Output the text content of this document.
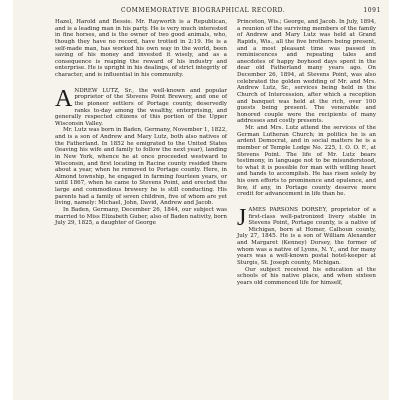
COMMEMORATIVE BIOGRAPHICAL RECORD.	1091

Hazel, Harold and Bessie. Mr. Rayworth is a Republican, and is a leading man in his party. He is very much interested in fine horses, and is the owner of two good animals, who, though they have no record, have trotted in 2:19. He is a self-made man, has worked his own way in the world, been saving of his money and invested it wisely, and as a consequence is reaping the reward of his industry and enterprise. He is upright in his dealings, of strict integrity of character, and is influential in his community.

A NDREW LUTZ, Sr., the well-known and popular proprietor of the Stevens Point Brewery, and one of the pioneer settlers of Portage county, deservedly ranks to-day among the wealthy, enterprising, and generally respected citizens of this portion of the Upper Wisconsin Valley.

Mr. Lutz was born in Baden, Germany, November 1, 1822, and is a son of Andrew and Mary Lutz, both also natives of the Fatherland. In 1852 he emigrated to the United States (leaving his wife and family to follow the next year), landing in New York, whence he at once proceeded westward to Wisconsin, and first locating in Racine county resided there about a year, when he removed to Portage county. Here, in Almond township, he engaged in farming fourteen years, or until 1867, when he came to Stevens Point, and erected the large and commodious brewery he is still conducting. His parents had a family of seven children, five of whom are yet living, namely: Michael, John, David, Andrew and Jacob.

In Baden, Germany, December 26, 1844, our subject was married to Miss Elizabeth Guber, also of Baden nativity, born July 29, 1825, a daughter of George

Princeton, Wis.; George, and Jacob. In July, 1894, a reunion of the surviving members of the family of Andrew and Mary Lutz was held at Grand Rapids, Wis., all the five brothers being present, and a most pleasant time was passed in reminiscences and repeating tales and anecdotes of happy boyhood days spent in the dear old Fatherland many years ago. On December 26, 1894, at Stevens Point, was also celebrated the golden wedding of Mr. and Mrs. Andrew Lutz, Sr., services being held in the Church of Intercession, after which a reception and banquet was held at the rich, over 100 guests being present. The venerable and honored couple were the recipients of many addresses and costly presents.

Mr. and Mrs. Lutz attend the services of the German Lutheran Church; in politics he is an ardent Democrat, and in social matters he is a member of Temple Lodge No. 225, I. O. O. F., at Stevens Point. The life of Mr. Lutz bears testimony, in language not to be misunderstood, to what it is possible for man with willing heart and hands to accomplish. He has risen solely by his own efforts to prominence and opulence, and few, if any, in Portage county deserve more credit for advancement in life than he.

J AMES PARSONS DORSEY, proprietor of a first-class well-patronized livery stable in Stevens Point, Portage county, is a native of Michigan, born at Homer, Calhoun county, July 27, 1845. He is a son of William Alexander and Margaret (Kenney) Dorsey, the former of whom was a native of Lyons, N. Y., and for many years was a well-known postal hotel-keeper at Sturgis, St. Joseph county, Michigan.

Our subject received his education at the schools of his native place, and when sixteen years old commenced life for himself,
